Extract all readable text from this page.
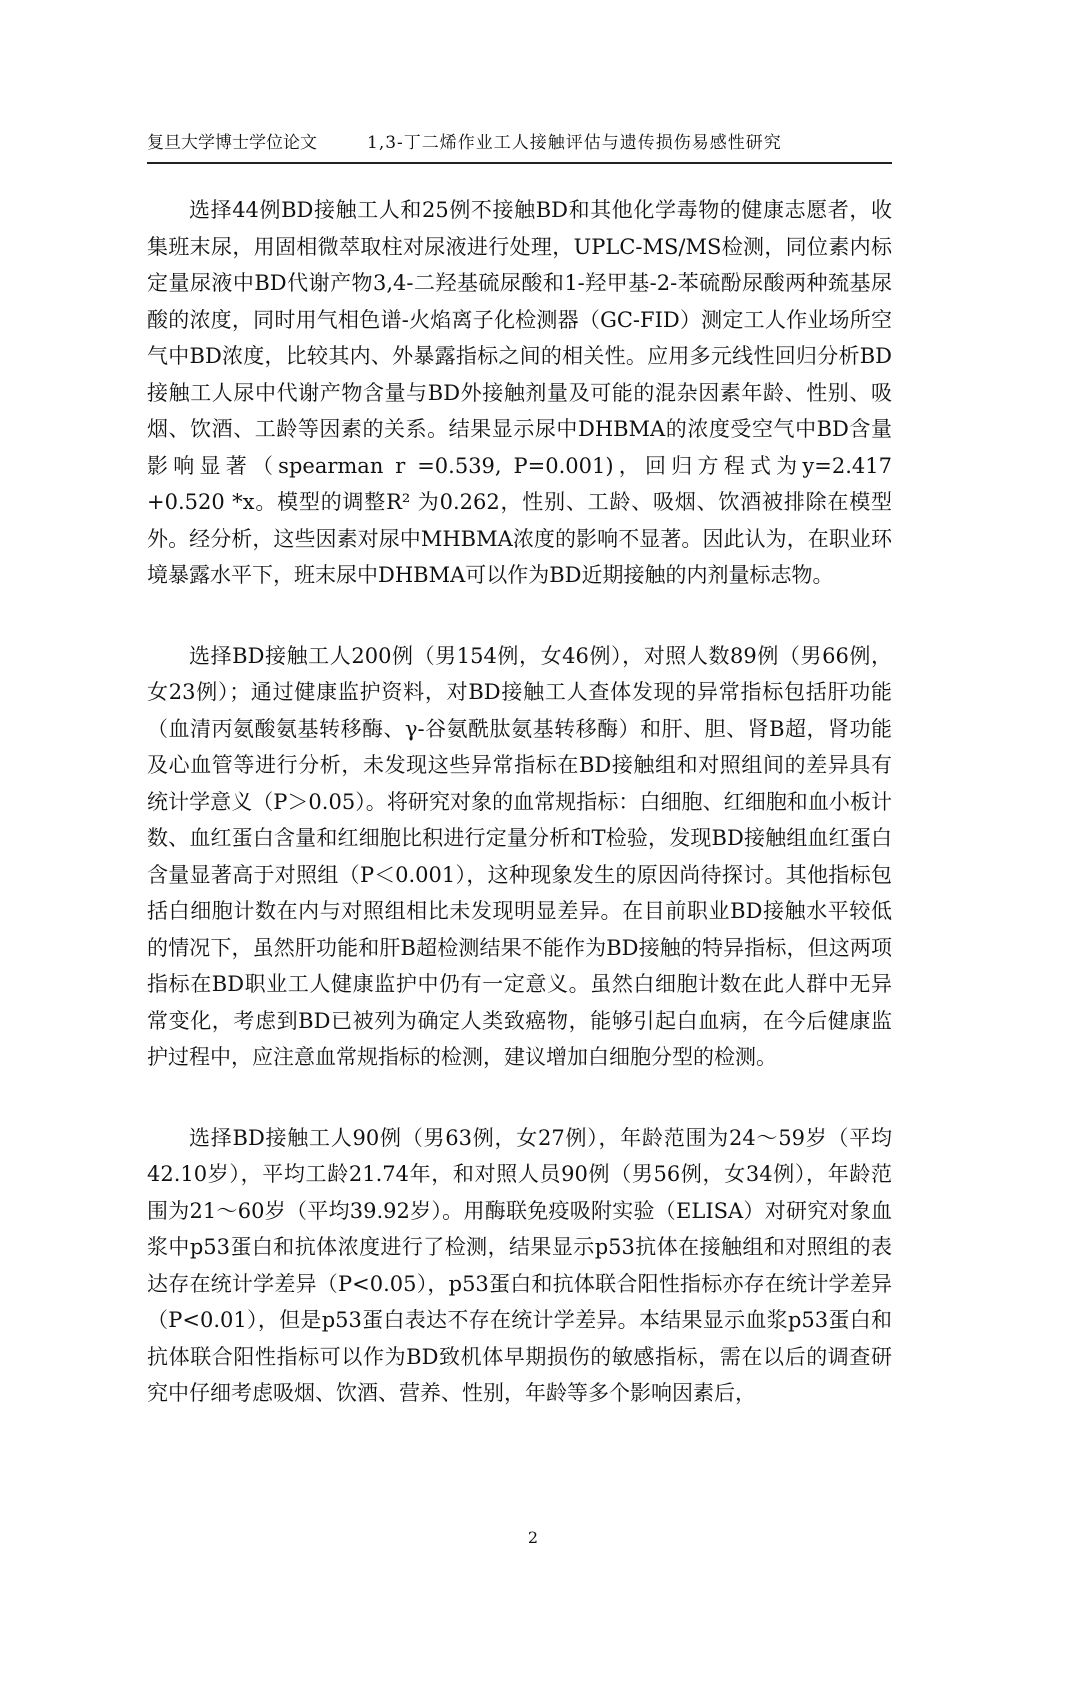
复旦大学博士学位论文	1,3-丁二烯作业工人接触评估与遗传损伤易感性研究

选择44例BD接触工人和25例不接触BD和其他化学毒物的健康志愿者，收集班末尿，用固相微萃取柱对尿液进行处理，UPLC-MS/MS检测，同位素内标定量尿液中BD代谢产物3,4-二羟基硫尿酸和1-羟甲基-2-苯硫酚尿酸两种巯基尿酸的浓度，同时用气相色谱-火焰离子化检测器（GC-FID）测定工人作业场所空气中BD浓度，比较其内、外暴露指标之间的相关性。应用多元线性回归分析BD接触工人尿中代谢产物含量与BD外接触剂量及可能的混杂因素年龄、性别、吸烟、饮酒、工龄等因素的关系。结果显示尿中DHBMA的浓度受空气中BD含量影响显著（spearman r =0.539, P=0.001)，回归方程式为y=2.417 +0.520 *x。模型的调整R² 为0.262，性别、工龄、吸烟、饮酒被排除在模型外。经分析，这些因素对尿中MHBMA浓度的影响不显著。因此认为，在职业环境暴露水平下，班末尿中DHBMA可以作为BD近期接触的内剂量标志物。

选择BD接触工人200例（男154例，女46例），对照人数89例（男66例，女23例）；通过健康监护资料，对BD接触工人查体发现的异常指标包括肝功能（血清丙氨酸氨基转移酶、γ-谷氨酰肽氨基转移酶）和肝、胆、肾B超，肾功能及心血管等进行分析，未发现这些异常指标在BD接触组和对照组间的差异具有统计学意义（P＞0.05）。将研究对象的血常规指标：白细胞、红细胞和血小板计数、血红蛋白含量和红细胞比积进行定量分析和T检验，发现BD接触组血红蛋白含量显著高于对照组（P＜0.001），这种现象发生的原因尚待探讨。其他指标包括白细胞计数在内与对照组相比未发现明显差异。在目前职业BD接触水平较低的情况下，虽然肝功能和肝B超检测结果不能作为BD接触的特异指标，但这两项指标在BD职业工人健康监护中仍有一定意义。虽然白细胞计数在此人群中无异常变化，考虑到BD已被列为确定人类致癌物，能够引起白血病，在今后健康监护过程中，应注意血常规指标的检测，建议增加白细胞分型的检测。

选择BD接触工人90例（男63例，女27例），年龄范围为24～59岁（平均42.10岁），平均工龄21.74年，和对照人员90例（男56例，女34例），年龄范围为21～60岁（平均39.92岁）。用酶联免疫吸附实验（ELISA）对研究对象血浆中p53蛋白和抗体浓度进行了检测，结果显示p53抗体在接触组和对照组的表达存在统计学差异（P<0.05），p53蛋白和抗体联合阳性指标亦存在统计学差异（P<0.01），但是p53蛋白表达不存在统计学差异。本结果显示血浆p53蛋白和抗体联合阳性指标可以作为BD致机体早期损伤的敏感指标，需在以后的调查研究中仔细考虑吸烟、饮酒、营养、性别，年龄等多个影响因素后，

2
